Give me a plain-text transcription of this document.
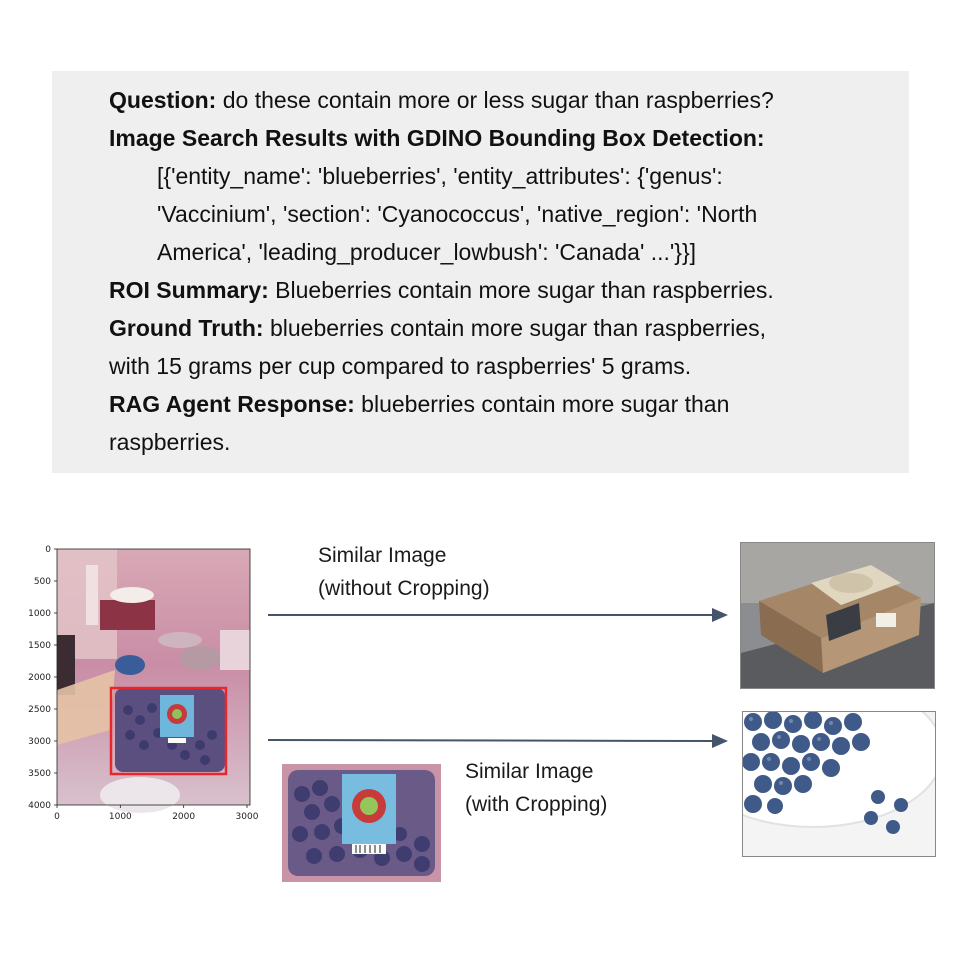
Question: do these contain more or less sugar than raspberries?
Image Search Results with GDINO Bounding Box Detection:
[{'entity_name': 'blueberries', 'entity_attributes': {'genus':
'Vaccinium', 'section': 'Cyanococcus', 'native_region': 'North
America', 'leading_producer_lowbush': 'Canada' ...'}}]
ROI Summary: Blueberries contain more sugar than raspberries.
Ground Truth: blueberries contain more sugar than raspberries,
with 15 grams per cup compared to raspberries' 5 grams.
RAG Agent Response: blueberries contain more sugar than
raspberries.
0
500
1000
1500
2000
2500
3000
3500
4000
0	1000	2000	3000
Similar Image
(without Cropping)
Similar Image
(with Cropping)
